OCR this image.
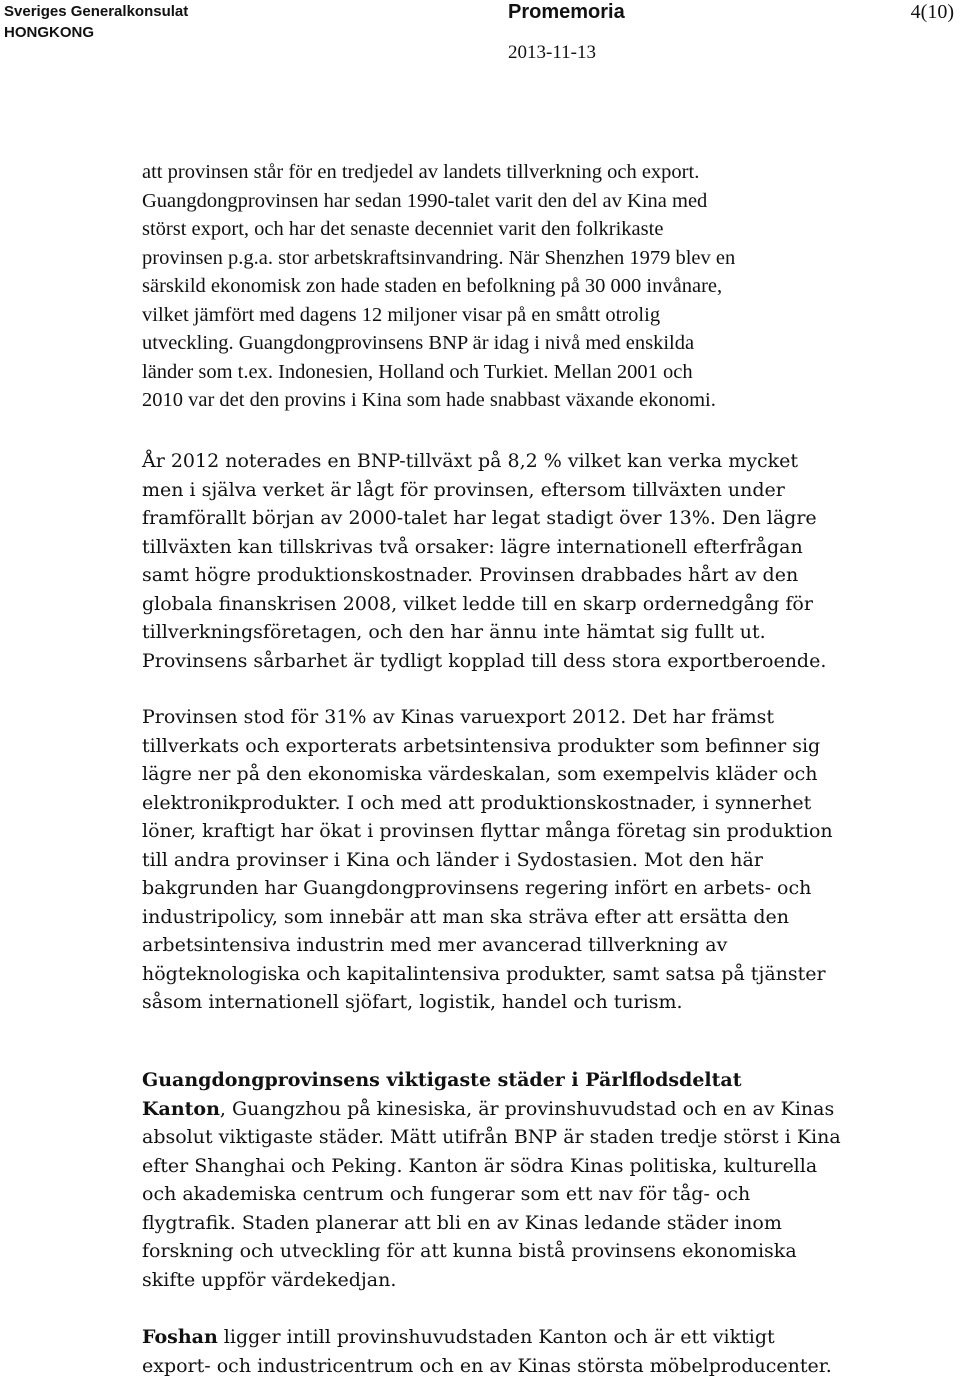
Sveriges Generalkonsulat
HONGKONG
Promemoria
2013-11-13
4(10)

att provinsen står för en tredjedel av landets tillverkning och export.
Guangdongprovinsen har sedan 1990-talet varit den del av Kina med
störst export, och har det senaste decenniet varit den folkrikaste
provinsen p.g.a. stor arbetskraftsinvandring. När Shenzhen 1979 blev en
särskild ekonomisk zon hade staden en befolkning på 30 000 invånare,
vilket jämfört med dagens 12 miljoner visar på en smått otrolig
utveckling. Guangdongprovinsens BNP är idag i nivå med enskilda
länder som t.ex. Indonesien, Holland och Turkiet. Mellan 2001 och
2010 var det den provins i Kina som hade snabbast växande ekonomi.

År 2012 noterades en BNP-tillväxt på 8,2 % vilket kan verka mycket
men i själva verket är lågt för provinsen, eftersom tillväxten under
framförallt början av 2000-talet har legat stadigt över 13%. Den lägre
tillväxten kan tillskrivas två orsaker: lägre internationell efterfrågan
samt högre produktionskostnader. Provinsen drabbades hårt av den
globala finanskrisen 2008, vilket ledde till en skarp ordernedgång för
tillverkningsföretagen, och den har ännu inte hämtat sig fullt ut.
Provinsens sårbarhet är tydligt kopplad till dess stora exportberoende.

Provinsen stod för 31% av Kinas varuexport 2012. Det har främst
tillverkats och exporterats arbetsintensiva produkter som befinner sig
lägre ner på den ekonomiska värdeskalan, som exempelvis kläder och
elektronikprodukter. I och med att produktionskostnader, i synnerhet
löner, kraftigt har ökat i provinsen flyttar många företag sin produktion
till andra provinser i Kina och länder i Sydostasien. Mot den här
bakgrunden har Guangdongprovinsens regering infört en arbets- och
industripolicy, som innebär att man ska sträva efter att ersätta den
arbetsintensiva industrin med mer avancerad tillverkning av
högteknologiska och kapitalintensiva produkter, samt satsa på tjänster
såsom internationell sjöfart, logistik, handel och turism.

Guangdongprovinsens viktigaste städer i Pärlflodsdeltat
Kanton, Guangzhou på kinesiska, är provinshuvudstad och en av Kinas
absolut viktigaste städer. Mätt utifrån BNP är staden tredje störst i Kina
efter Shanghai och Peking. Kanton är södra Kinas politiska, kulturella
och akademiska centrum och fungerar som ett nav för tåg- och
flygtrafik. Staden planerar att bli en av Kinas ledande städer inom
forskning och utveckling för att kunna bistå provinsens ekonomiska
skifte uppför värdekedjan.

Foshan ligger intill provinshuvudstaden Kanton och är ett viktigt
export- och industricentrum och en av Kinas största möbelproducenter.
